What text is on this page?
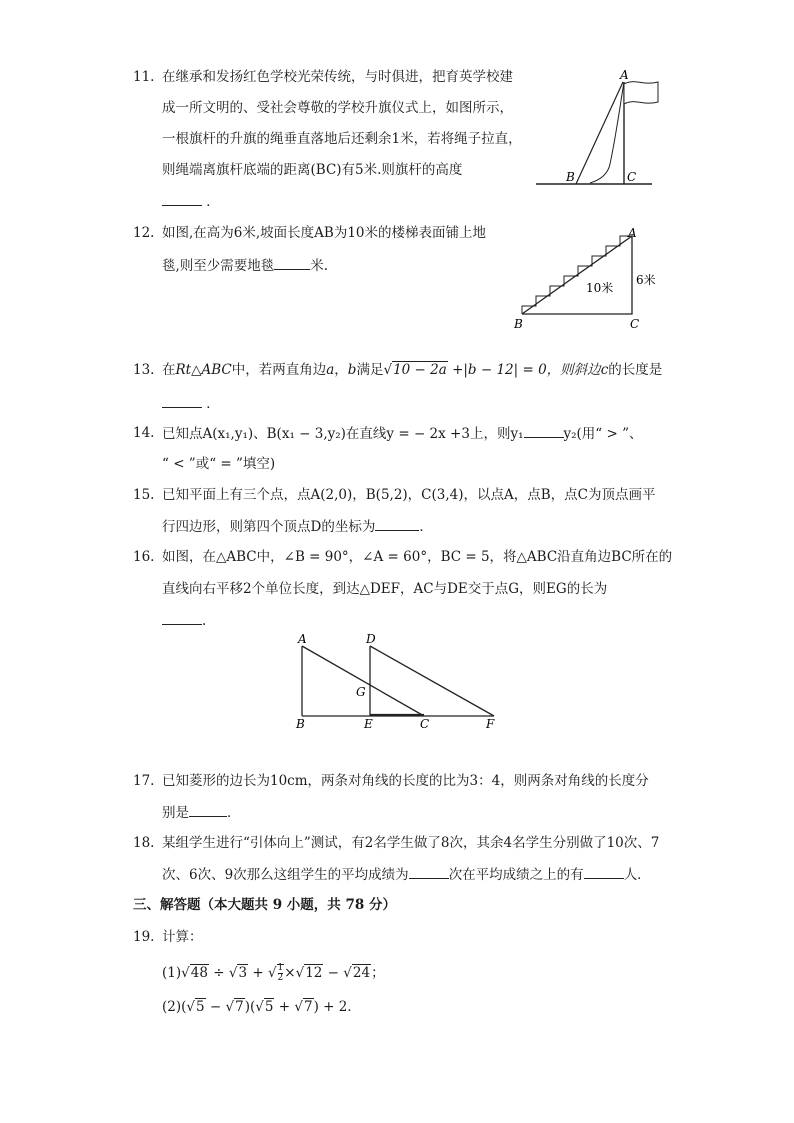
11. 在继承和发扬红色学校光荣传统，与时俱进，把育英学校建
成一所文明的、受社会尊敬的学校升旗仪式上，如图所示，
一根旗杆的升旗的绳垂直落地后还剩余1米，若将绳子拉直，
则绳端离旗杆底端的距离(BC)有5米.则旗杆的高度
．
A
B	C
12. 如图,在高为6米,坡面长度AB为10米的楼梯表面铺上地
毯,则至少需要地毯	米.
A
B	C
10米
6米
13. 在Rt△ABC中，若两直角边a，b满足√10 − 2a +|b − 12| = 0，则斜边c的长度是
．
14. 已知点A(x₁,y₁)、B(x₁ − 3,y₂)在直线y = − 2x +3上，则y₁	y₂(用“ > ”、
“ < ”或“ = ”填空)
15. 已知平面上有三个点，点A(2,0)，B(5,2)，C(3,4)，以点A，点B，点C为顶点画平
行四边形，则第四个顶点D的坐标为	．
16. 如图，在△ABC中，∠B = 90°，∠A = 60°，BC = 5，将△ABC沿直角边BC所在的
直线向右平移2个单位长度，到达△DEF，AC与DE交于点G，则EG的长为
.
A
B	C
D
E	F
G
17. 已知菱形的边长为10cm，两条对角线的长度的比为3：4，则两条对角线的长度分
别是	．
18. 某组学生进行“引体向上”测试，有2名学生做了8次，其余4名学生分别做了10次、7
次、6次、9次那么这组学生的平均成绩为	次在平均成绩之上的有	人．
三、解答题（本大题共 9 小题，共 78 分）
19. 计算：
(1)√48 ÷ √3 + √ $\frac{1}{2} \times√12 - √24$；
(2)(√5 − √7)(√5 + √7) + 2．
